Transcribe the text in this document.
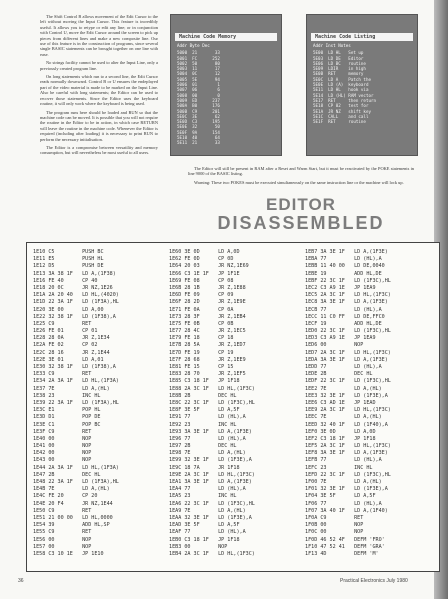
The Shift Control B allows movement of the Edit Cursor to the left without moving the Input Cursor. This feature is incredibly useful. It allows you to retype or edit any line; or in conjunction with Control U, move the Edit Cursor around the screen to pick up pieces from different lines and make a new composite line. Our use of this feature is in the construction of programs, since several single BASIC statements can be brought together on one line with ease.

No strings facility cannot be used to alter the Input Line, only a previously created program line.

On long statements which run to a second line, the Edit Cursor reads normally downward. Control B or U ensures the endeplayed part of the video material is made to be marked on the Input Line. Also be careful with long statements; the Editor can be used to recover those statements. Since the Editor uses the keyboard routine, it will only work where the keyboard is being used.

The program runs here should be loaded and RUN so that the machine code can be moved. It is possible that you will not require the routine in the Editor to be in action, in which case RETURN will leave the routine in the machine code. Whenever the Editor is required (including after loading) it is necessary to print RUN to perform the necessary initialisation.

The Editor is a compromise between versatility and memory consumption, but will nevertheless be most useful to all users.

Machine Code Memory
Addr Byte Dec
5000  21       33
5001  FC      252
5002  50       80
5003  11       17
5004  0C       12
5005  5E       94
5006  01        1
5007  06        6
5008  00        0
5009  ED      237
500A  B0      176
500B  C9      201
5E0C  3E       62
5E0D  C3      195
5E0E  32       50
5E0F  9A      154
5E10  40       64
5E11  21       33
Machine Code Listing
Addr Inst Notes
5E00  LD HL   Set up
5E03  LD DE   Editor
5E06  LD BC   routine
5E09  LDIR    in high
5E0B  RET     memory
5E0C  LD A    Patch the
5E0E  LD (A)  keyboard
5E11  LD HL   hook via
5E14  LD (HL) RAM vector
5E17  RET     then return
5E18  CP 02   test for
5E1A  JR NZ   shift key
5E1C  CALL    and call
5E1F  RET     routine

The Editor will still be present in RAM after a Reset and Warm Start, but it must be reactivated by the POKE statements in line 9000 of the BASIC listing.

Warning: These two POKES must be executed simultaneously on the same instruction line or the machine will lock up.

EDITOR
DISASSEMBLED
1E10 C5         PUSH BC
1E11 E5         PUSH HL
1E12 D5         PUSH DE
1E13 3A 38 1F   LD A,(1F38)
1E16 FE 40      CP 40
1E18 20 0C      JR NZ,1E26
1E1A 2A 20 40   LD HL,(4020)
1E1D 22 3A 1F   LD (1F3A),HL
1E20 3E 00      LD A,00
1E22 32 38 1F   LD (1F38),A
1E25 C9         RET
1E26 FE 01      CP 01
1E28 28 0A      JR Z,1E34
1E2A FE 02      CP 02
1E2C 28 16      JR Z,1E44
1E2E 3E 01      LD A,01
1E30 32 38 1F   LD (1F38),A
1E33 C9         RET
1E34 2A 3A 1F   LD HL,(1F3A)
1E37 7E         LD A,(HL)
1E38 23         INC HL
1E39 22 3A 1F   LD (1F3A),HL
1E3C E1         POP HL
1E3D D1         POP DE
1E3E C1         POP BC
1E3F C9         RET
1E40 00         NOP
1E41 00         NOP
1E42 00         NOP
1E43 00         NOP
1E44 2A 3A 1F   LD HL,(1F3A)
1E47 2B         DEC HL
1E48 22 3A 1F   LD (1F3A),HL
1E4B 7E         LD A,(HL)
1E4C FE 20      CP 20
1E4E 20 F4      JR NZ,1E44
1E50 C9         RET
1E51 21 00 00   LD HL,0000
1E54 39         ADD HL,SP
1E55 C9         RET
1E56 00         NOP
1E57 00         NOP
1E58 C3 10 1E   JP 1E10
1E60 3E 0D      LD A,0D
1E62 FE 0D      CP 0D
1E64 20 03      JR NZ,1E69
1E66 C3 1E 1F   JP 1F1E
1E69 FE 08      CP 08
1E6B 28 1B      JR Z,1E88
1E6D FE 09      CP 09
1E6F 28 2D      JR Z,1E9E
1E71 FE 0A      CP 0A
1E73 28 3F      JR Z,1EB4
1E75 FE 0B      CP 0B
1E77 28 4C      JR Z,1EC5
1E79 FE 18      CP 18
1E7B 28 5A      JR Z,1ED7
1E7D FE 19      CP 19
1E7F 28 68      JR Z,1EE9
1E81 FE 15      CP 15
1E83 28 70      JR Z,1EF5
1E85 C3 18 1F   JP 1F18
1E88 2A 3C 1F   LD HL,(1F3C)
1E8B 2B         DEC HL
1E8C 22 3C 1F   LD (1F3C),HL
1E8F 3E 5F      LD A,5F
1E91 77         LD (HL),A
1E92 23         INC HL
1E93 3A 3E 1F   LD A,(1F3E)
1E96 77         LD (HL),A
1E97 2B         DEC HL
1E98 7E         LD A,(HL)
1E99 32 3E 1F   LD (1F3E),A
1E9C 18 7A      JR 1F18
1E9E 2A 3C 1F   LD HL,(1F3C)
1EA1 3A 3E 1F   LD A,(1F3E)
1EA4 77         LD (HL),A
1EA5 23         INC HL
1EA6 22 3C 1F   LD (1F3C),HL
1EA9 7E         LD A,(HL)
1EAA 32 3E 1F   LD (1F3E),A
1EAD 3E 5F      LD A,5F
1EAF 77         LD (HL),A
1EB0 C3 18 1F   JP 1F18
1EB3 00         NOP
1EB4 2A 3C 1F   LD HL,(1F3C)
1EB7 3A 3E 1F   LD A,(1F3E)
1EBA 77         LD (HL),A
1EBB 11 40 00   LD DE,0040
1EBE 19         ADD HL,DE
1EBF 22 3C 1F   LD (1F3C),HL
1EC2 C3 A9 1E   JP 1EA9
1EC5 2A 3C 1F   LD HL,(1F3C)
1EC8 3A 3E 1F   LD A,(1F3E)
1ECB 77         LD (HL),A
1ECC 11 C0 FF   LD DE,FFC0
1ECF 19         ADD HL,DE
1ED0 22 3C 1F   LD (1F3C),HL
1ED3 C3 A9 1E   JP 1EA9
1ED6 00         NOP
1ED7 2A 3C 1F   LD HL,(1F3C)
1EDA 3A 3E 1F   LD A,(1F3E)
1EDD 77         LD (HL),A
1EDE 2B         DEC HL
1EDF 22 3C 1F   LD (1F3C),HL
1EE2 7E         LD A,(HL)
1EE3 32 3E 1F   LD (1F3E),A
1EE6 C3 AD 1E   JP 1EAD
1EE9 2A 3C 1F   LD HL,(1F3C)
1EEC 7E         LD A,(HL)
1EED 32 40 1F   LD (1F40),A
1EF0 3E 0D      LD A,0D
1EF2 C3 18 1F   JP 1F18
1EF5 2A 3C 1F   LD HL,(1F3C)
1EF8 3A 3E 1F   LD A,(1F3E)
1EFB 77         LD (HL),A
1EFC 23         INC HL
1EFD 22 3C 1F   LD (1F3C),HL
1F00 7E         LD A,(HL)
1F01 32 3E 1F   LD (1F3E),A
1F04 3E 5F      LD A,5F
1F06 77         LD (HL),A
1F07 3A 40 1F   LD A,(1F40)
1F0A C9         RET
1F0B 00         NOP
1F0C 00         NOP
1F0D 46 52 4F   DEFM 'FRO'
1F10 47 52 41   DEFM 'GRA'
1F13 4D         DEFM 'M'
36	Practical Electronics July 1980
